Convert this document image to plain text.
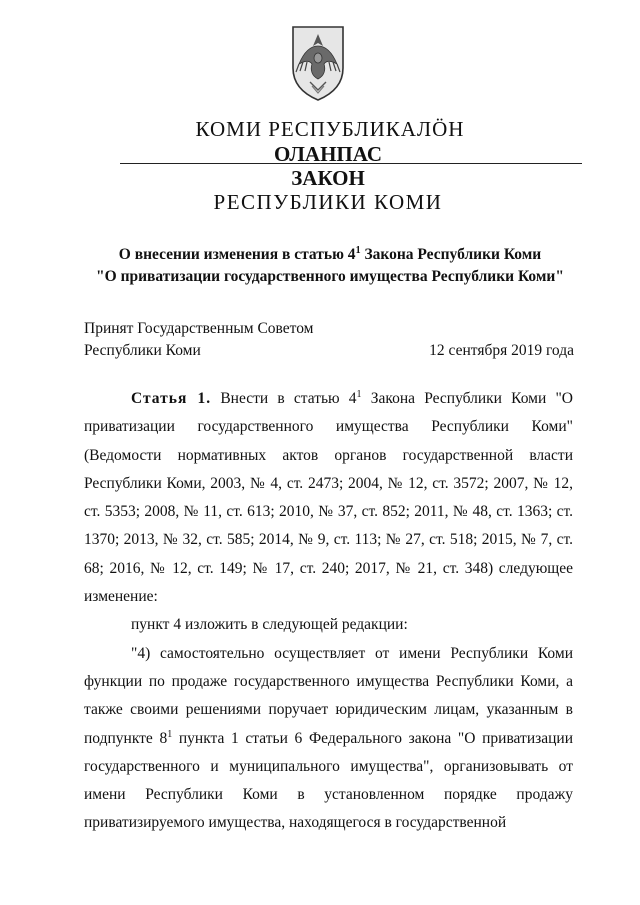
КОМИ РЕСПУБЛИКАЛÖН
ОЛАНПАС
ЗАКОН
РЕСПУБЛИКИ КОМИ
О внесении изменения в статью $4^1$ Закона Республики Коми
"О приватизации государственного имущества Республики Коми"
Принят Государственным Советом
Республики Коми	12 сентября 2019 года

Статья 1. Внести в статью $4^1$ Закона Республики Коми "О приватизации государственного имущества Республики Коми" (Ведомости нормативных актов органов государственной власти Республики Коми, 2003, № 4, ст. 2473; 2004, № 12, ст. 3572; 2007, № 12, ст. 5353; 2008, № 11, ст. 613; 2010, № 37, ст. 852; 2011, № 48, ст. 1363; ст. 1370; 2013, № 32, ст. 585; 2014, № 9, ст. 113; № 27, ст. 518; 2015, № 7, ст. 68; 2016, № 12, ст. 149; № 17, ст. 240; 2017, № 21, ст. 348) следующее изменение:

пункт 4 изложить в следующей редакции:

"4) самостоятельно осуществляет от имени Республики Коми функции по продаже государственного имущества Республики Коми, а также своими решениями поручает юридическим лицам, указанным в подпункте $8^1$ пункта 1 статьи 6 Федерального закона "О приватизации государственного и муниципального имущества", организовывать от имени Республики Коми в установленном порядке продажу приватизируемого имущества, находящегося в государственной
